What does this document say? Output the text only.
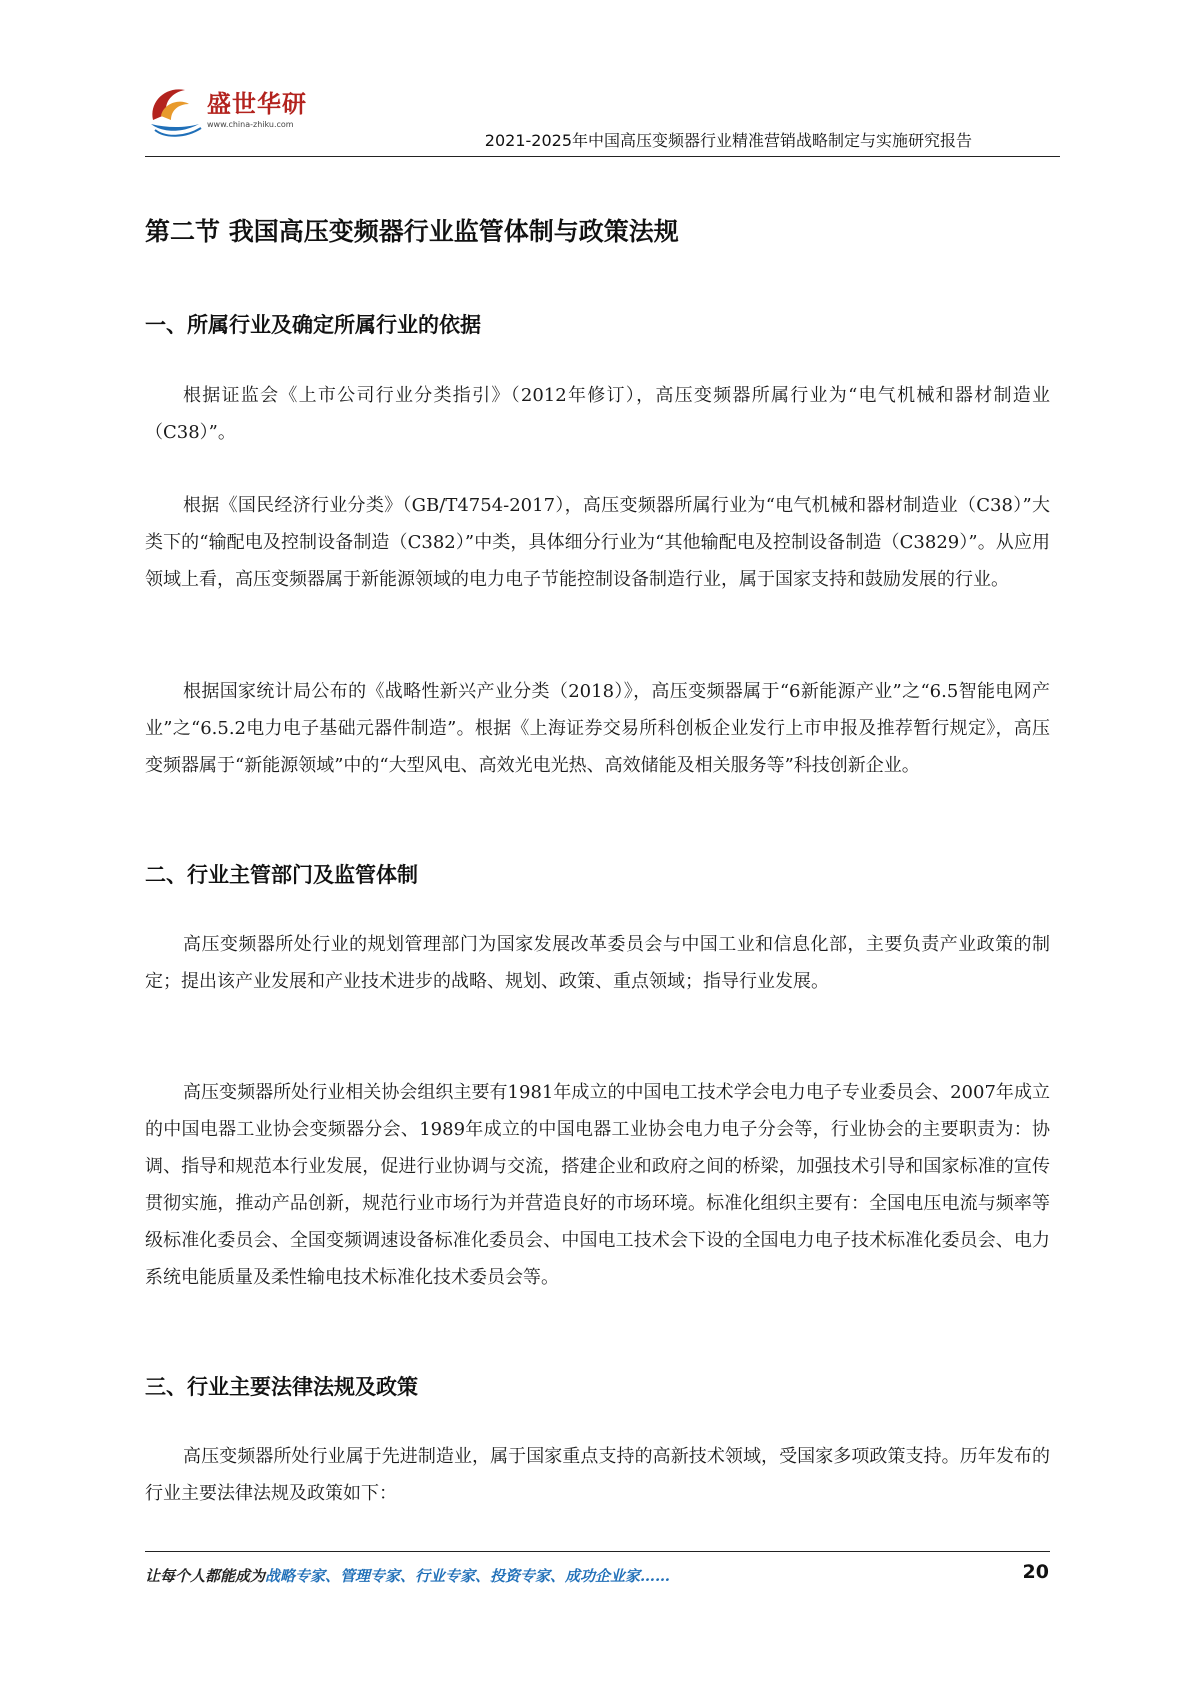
盛世华研
www.china-zhiku.com
2021-2025年中国高压变频器行业精准营销战略制定与实施研究报告
第二节 我国高压变频器行业监管体制与政策法规
一、所属行业及确定所属行业的依据

根据证监会《上市公司行业分类指引》（2012年修订），高压变频器所属行业为“电气机械和器材制造业（C38）”。

根据《国民经济行业分类》（GB/T4754-2017），高压变频器所属行业为“电气机械和器材制造业（C38）”大类下的“输配电及控制设备制造（C382）”中类，具体细分行业为“其他输配电及控制设备制造（C3829）”。从应用领域上看，高压变频器属于新能源领域的电力电子节能控制设备制造行业，属于国家支持和鼓励发展的行业。

根据国家统计局公布的《战略性新兴产业分类（2018）》，高压变频器属于“6新能源产业”之“6.5智能电网产业”之“6.5.2电力电子基础元器件制造”。根据《上海证券交易所科创板企业发行上市申报及推荐暂行规定》，高压变频器属于“新能源领域”中的“大型风电、高效光电光热、高效储能及相关服务等”科技创新企业。

二、行业主管部门及监管体制

高压变频器所处行业的规划管理部门为国家发展改革委员会与中国工业和信息化部，主要负责产业政策的制定；提出该产业发展和产业技术进步的战略、规划、政策、重点领域；指导行业发展。

高压变频器所处行业相关协会组织主要有1981年成立的中国电工技术学会电力电子专业委员会、2007年成立的中国电器工业协会变频器分会、1989年成立的中国电器工业协会电力电子分会等，行业协会的主要职责为：协调、指导和规范本行业发展，促进行业协调与交流，搭建企业和政府之间的桥梁，加强技术引导和国家标准的宣传贯彻实施，推动产品创新，规范行业市场行为并营造良好的市场环境。标准化组织主要有：全国电压电流与频率等级标准化委员会、全国变频调速设备标准化委员会、中国电工技术会下设的全国电力电子技术标准化委员会、电力系统电能质量及柔性输电技术标准化技术委员会等。

三、行业主要法律法规及政策

高压变频器所处行业属于先进制造业，属于国家重点支持的高新技术领域，受国家多项政策支持。历年发布的行业主要法律法规及政策如下：

让每个人都能成为战略专家、管理专家、行业专家、投资专家、成功企业家……	20
